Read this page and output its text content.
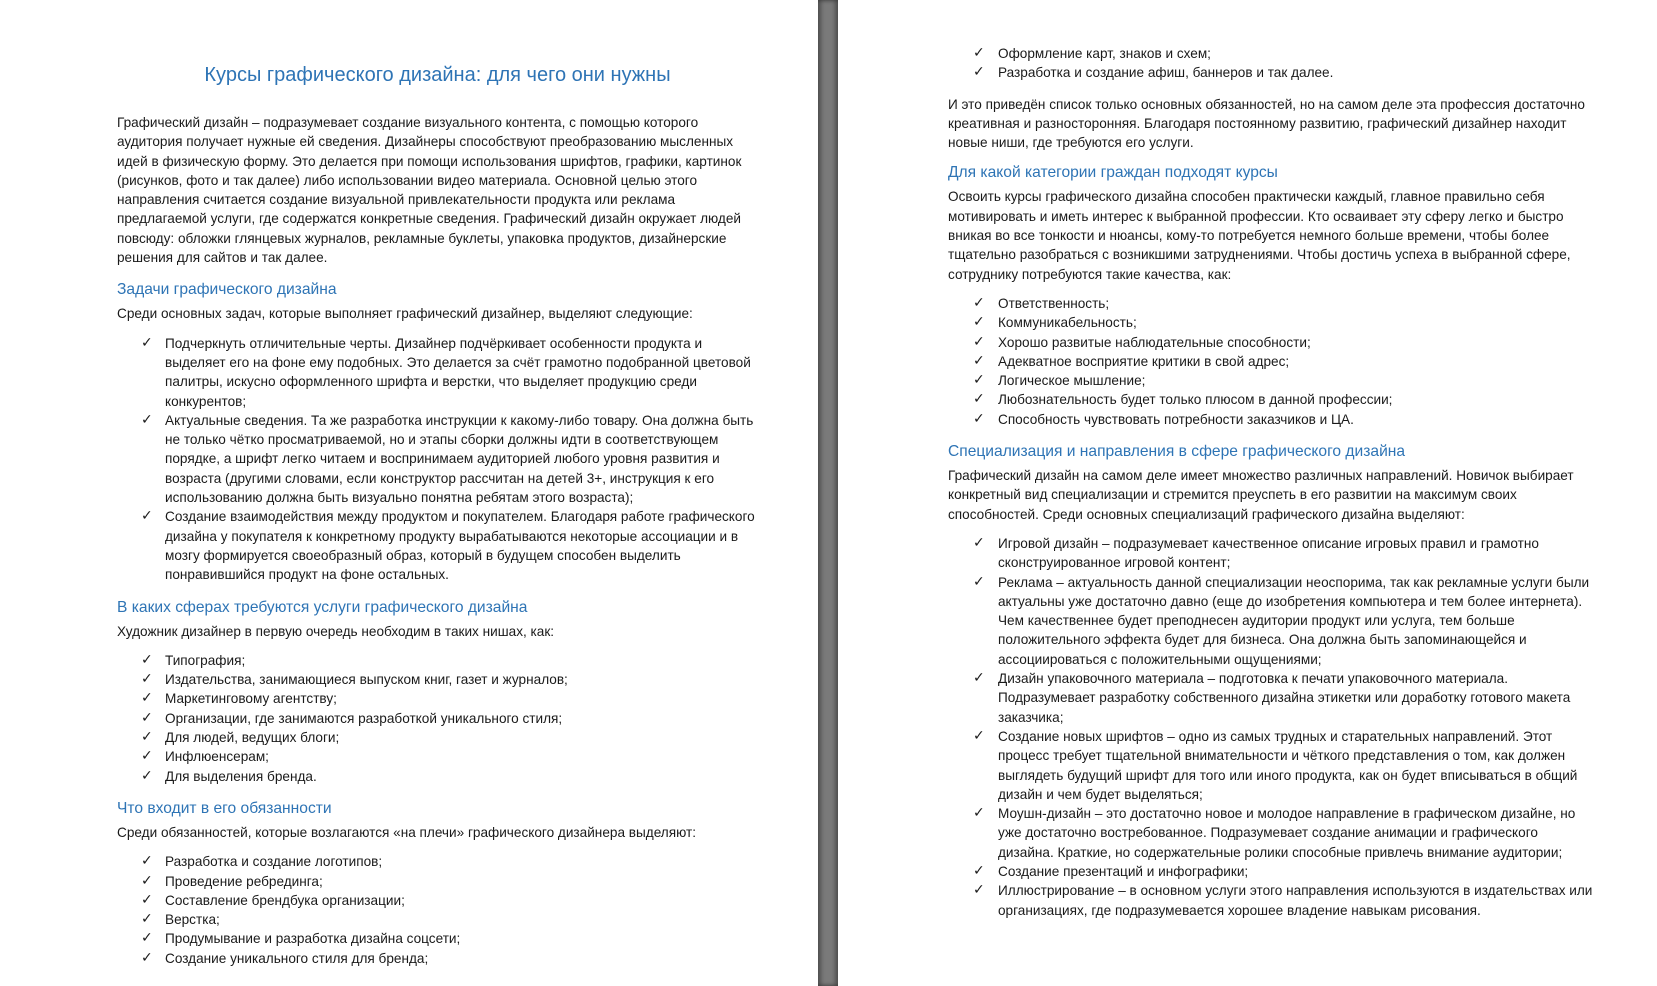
Курсы графического дизайна: для чего они нужны

Графический дизайн – подразумевает создание визуального контента, с помощью которого аудитория получает нужные ей сведения. Дизайнеры способствуют преобразованию мысленных идей в физическую форму. Это делается при помощи использования шрифтов, графики, картинок (рисунков, фото и так далее) либо использовании видео материала. Основной целью этого направления считается создание визуальной привлекательности продукта или реклама предлагаемой услуги, где содержатся конкретные сведения. Графический дизайн окружает людей повсюду: обложки глянцевых журналов, рекламные буклеты, упаковка продуктов, дизайнерские решения для сайтов и так далее.

Задачи графического дизайна

Среди основных задач, которые выполняет графический дизайнер, выделяют следующие:

✓ Подчеркнуть отличительные черты. Дизайнер подчёркивает особенности продукта и выделяет его на фоне ему подобных. Это делается за счёт грамотно подобранной цветовой палитры, искусно оформленного шрифта и верстки, что выделяет продукцию среди конкурентов;
✓ Актуальные сведения. Та же разработка инструкции к какому-либо товару. Она должна быть не только чётко просматриваемой, но и этапы сборки должны идти в соответствующем порядке, а шрифт легко читаем и воспринимаем аудиторией любого уровня развития и возраста (другими словами, если конструктор рассчитан на детей 3+, инструкция к его использованию должна быть визуально понятна ребятам этого возраста);
✓ Создание взаимодействия между продуктом и покупателем. Благодаря работе графического дизайна у покупателя к конкретному продукту вырабатываются некоторые ассоциации и в мозгу формируется своеобразный образ, который в будущем способен выделить понравившийся продукт на фоне остальных.
В каких сферах требуются услуги графического дизайна

Художник дизайнер в первую очередь необходим в таких нишах, как:

✓ Типография;
✓ Издательства, занимающиеся выпуском книг, газет и журналов;
✓ Маркетинговому агентству;
✓ Организации, где занимаются разработкой уникального стиля;
✓ Для людей, ведущих блоги;
✓ Инфлюенсерам;
✓ Для выделения бренда.
Что входит в его обязанности

Среди обязанностей, которые возлагаются «на плечи» графического дизайнера выделяют:

✓ Разработка и создание логотипов;
✓ Проведение ребрединга;
✓ Составление брендбука организации;
✓ Верстка;
✓ Продумывание и разработка дизайна соцсети;
✓ Создание уникального стиля для бренда;
✓ Оформление карт, знаков и схем;
✓ Разработка и создание афиш, баннеров и так далее.

И это приведён список только основных обязанностей, но на самом деле эта профессия достаточно креативная и разносторонняя. Благодаря постоянному развитию, графический дизайнер находит новые ниши, где требуются его услуги.

Для какой категории граждан подходят курсы

Освоить курсы графического дизайна способен практически каждый, главное правильно себя мотивировать и иметь интерес к выбранной профессии. Кто осваивает эту сферу легко и быстро вникая во все тонкости и нюансы, кому-то потребуется немного больше времени, чтобы более тщательно разобраться с возникшими затруднениями. Чтобы достичь успеха в выбранной сфере, сотруднику потребуются такие качества, как:

✓ Ответственность;
✓ Коммуникабельность;
✓ Хорошо развитые наблюдательные способности;
✓ Адекватное восприятие критики в свой адрес;
✓ Логическое мышление;
✓ Любознательность будет только плюсом в данной профессии;
✓ Способность чувствовать потребности заказчиков и ЦА.
Специализация и направления в сфере графического дизайна

Графический дизайн на самом деле имеет множество различных направлений. Новичок выбирает конкретный вид специализации и стремится преуспеть в его развитии на максимум своих способностей. Среди основных специализаций графического дизайна выделяют:

✓ Игровой дизайн – подразумевает качественное описание игровых правил и грамотно сконструированное игровой контент;
✓ Реклама – актуальность данной специализации неоспорима, так как рекламные услуги были актуальны уже достаточно давно (еще до изобретения компьютера и тем более интернета). Чем качественнее будет преподнесен аудитории продукт или услуга, тем больше положительного эффекта будет для бизнеса. Она должна быть запоминающейся и ассоциироваться с положительными ощущениями;
✓ Дизайн упаковочного материала – подготовка к печати упаковочного материала. Подразумевает разработку собственного дизайна этикетки или доработку готового макета заказчика;
✓ Создание новых шрифтов – одно из самых трудных и старательных направлений. Этот процесс требует тщательной внимательности и чёткого представления о том, как должен выглядеть будущий шрифт для того или иного продукта, как он будет вписываться в общий дизайн и чем будет выделяться;
✓ Моушн-дизайн – это достаточно новое и молодое направление в графическом дизайне, но уже достаточно востребованное. Подразумевает создание анимации и графического дизайна. Краткие, но содержательные ролики способные привлечь внимание аудитории;
✓ Создание презентаций и инфографики;
✓ Иллюстрирование – в основном услуги этого направления используются в издательствах или организациях, где подразумевается хорошее владение навыкам рисования.
